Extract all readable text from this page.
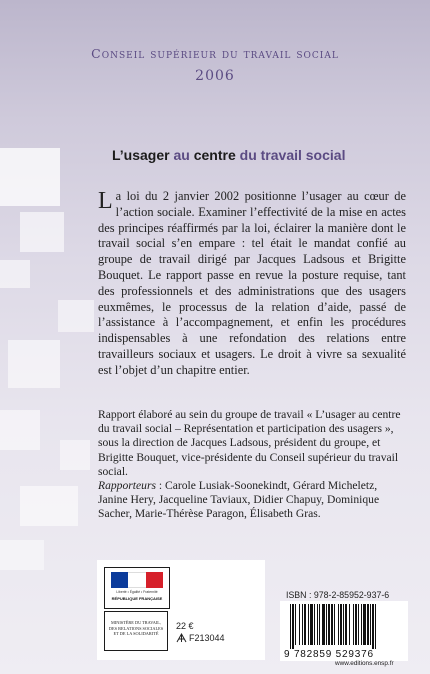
Conseil supérieur du travail social
2006
L’usager au centre du travail social
La loi du 2 janvier 2002 positionne l’usager au cœur de l’action sociale. Examiner l’effectivité de la mise en actes des principes réaffirmés par la loi, éclairer la manière dont le travail social s’en empare : tel était le mandat confié au groupe de travail dirigé par Jacques Ladsous et Brigitte Bouquet. Le rapport passe en revue la posture requise, tant des professionnels et des administrations que des usagers euxmêmes, le processus de la relation d’aide, passé de l’assistance à l’accompagnement, et enfin les procédures indispensables à une refondation des relations entre travailleurs sociaux et usagers. Le droit à vivre sa sexualité est l’objet d’un chapitre entier.
Rapport élaboré au sein du groupe de travail « L’usager au centre du travail social – Représentation et participation des usagers », sous la direction de Jacques Ladsous, président du groupe, et Brigitte Bouquet, vice-présidente du Conseil supérieur du travail social.
Rapporteurs : Carole Lusiak-Soonekindt, Gérard Micheletz, Janine Hery, Jacqueline Taviaux, Didier Chapuy, Dominique Sacher, Marie-Thérèse Paragon, Élisabeth Gras.
Liberté • Égalité • Fraternité
RÉPUBLIQUE FRANÇAISE
MINISTÈRE DU TRAVAIL,
DES RELATIONS SOCIALES
ET DE LA SOLIDARITÉ
22 €
F213044
ISBN : 978-2-85952-937-6
9 782859 529376
www.editions.ensp.fr
